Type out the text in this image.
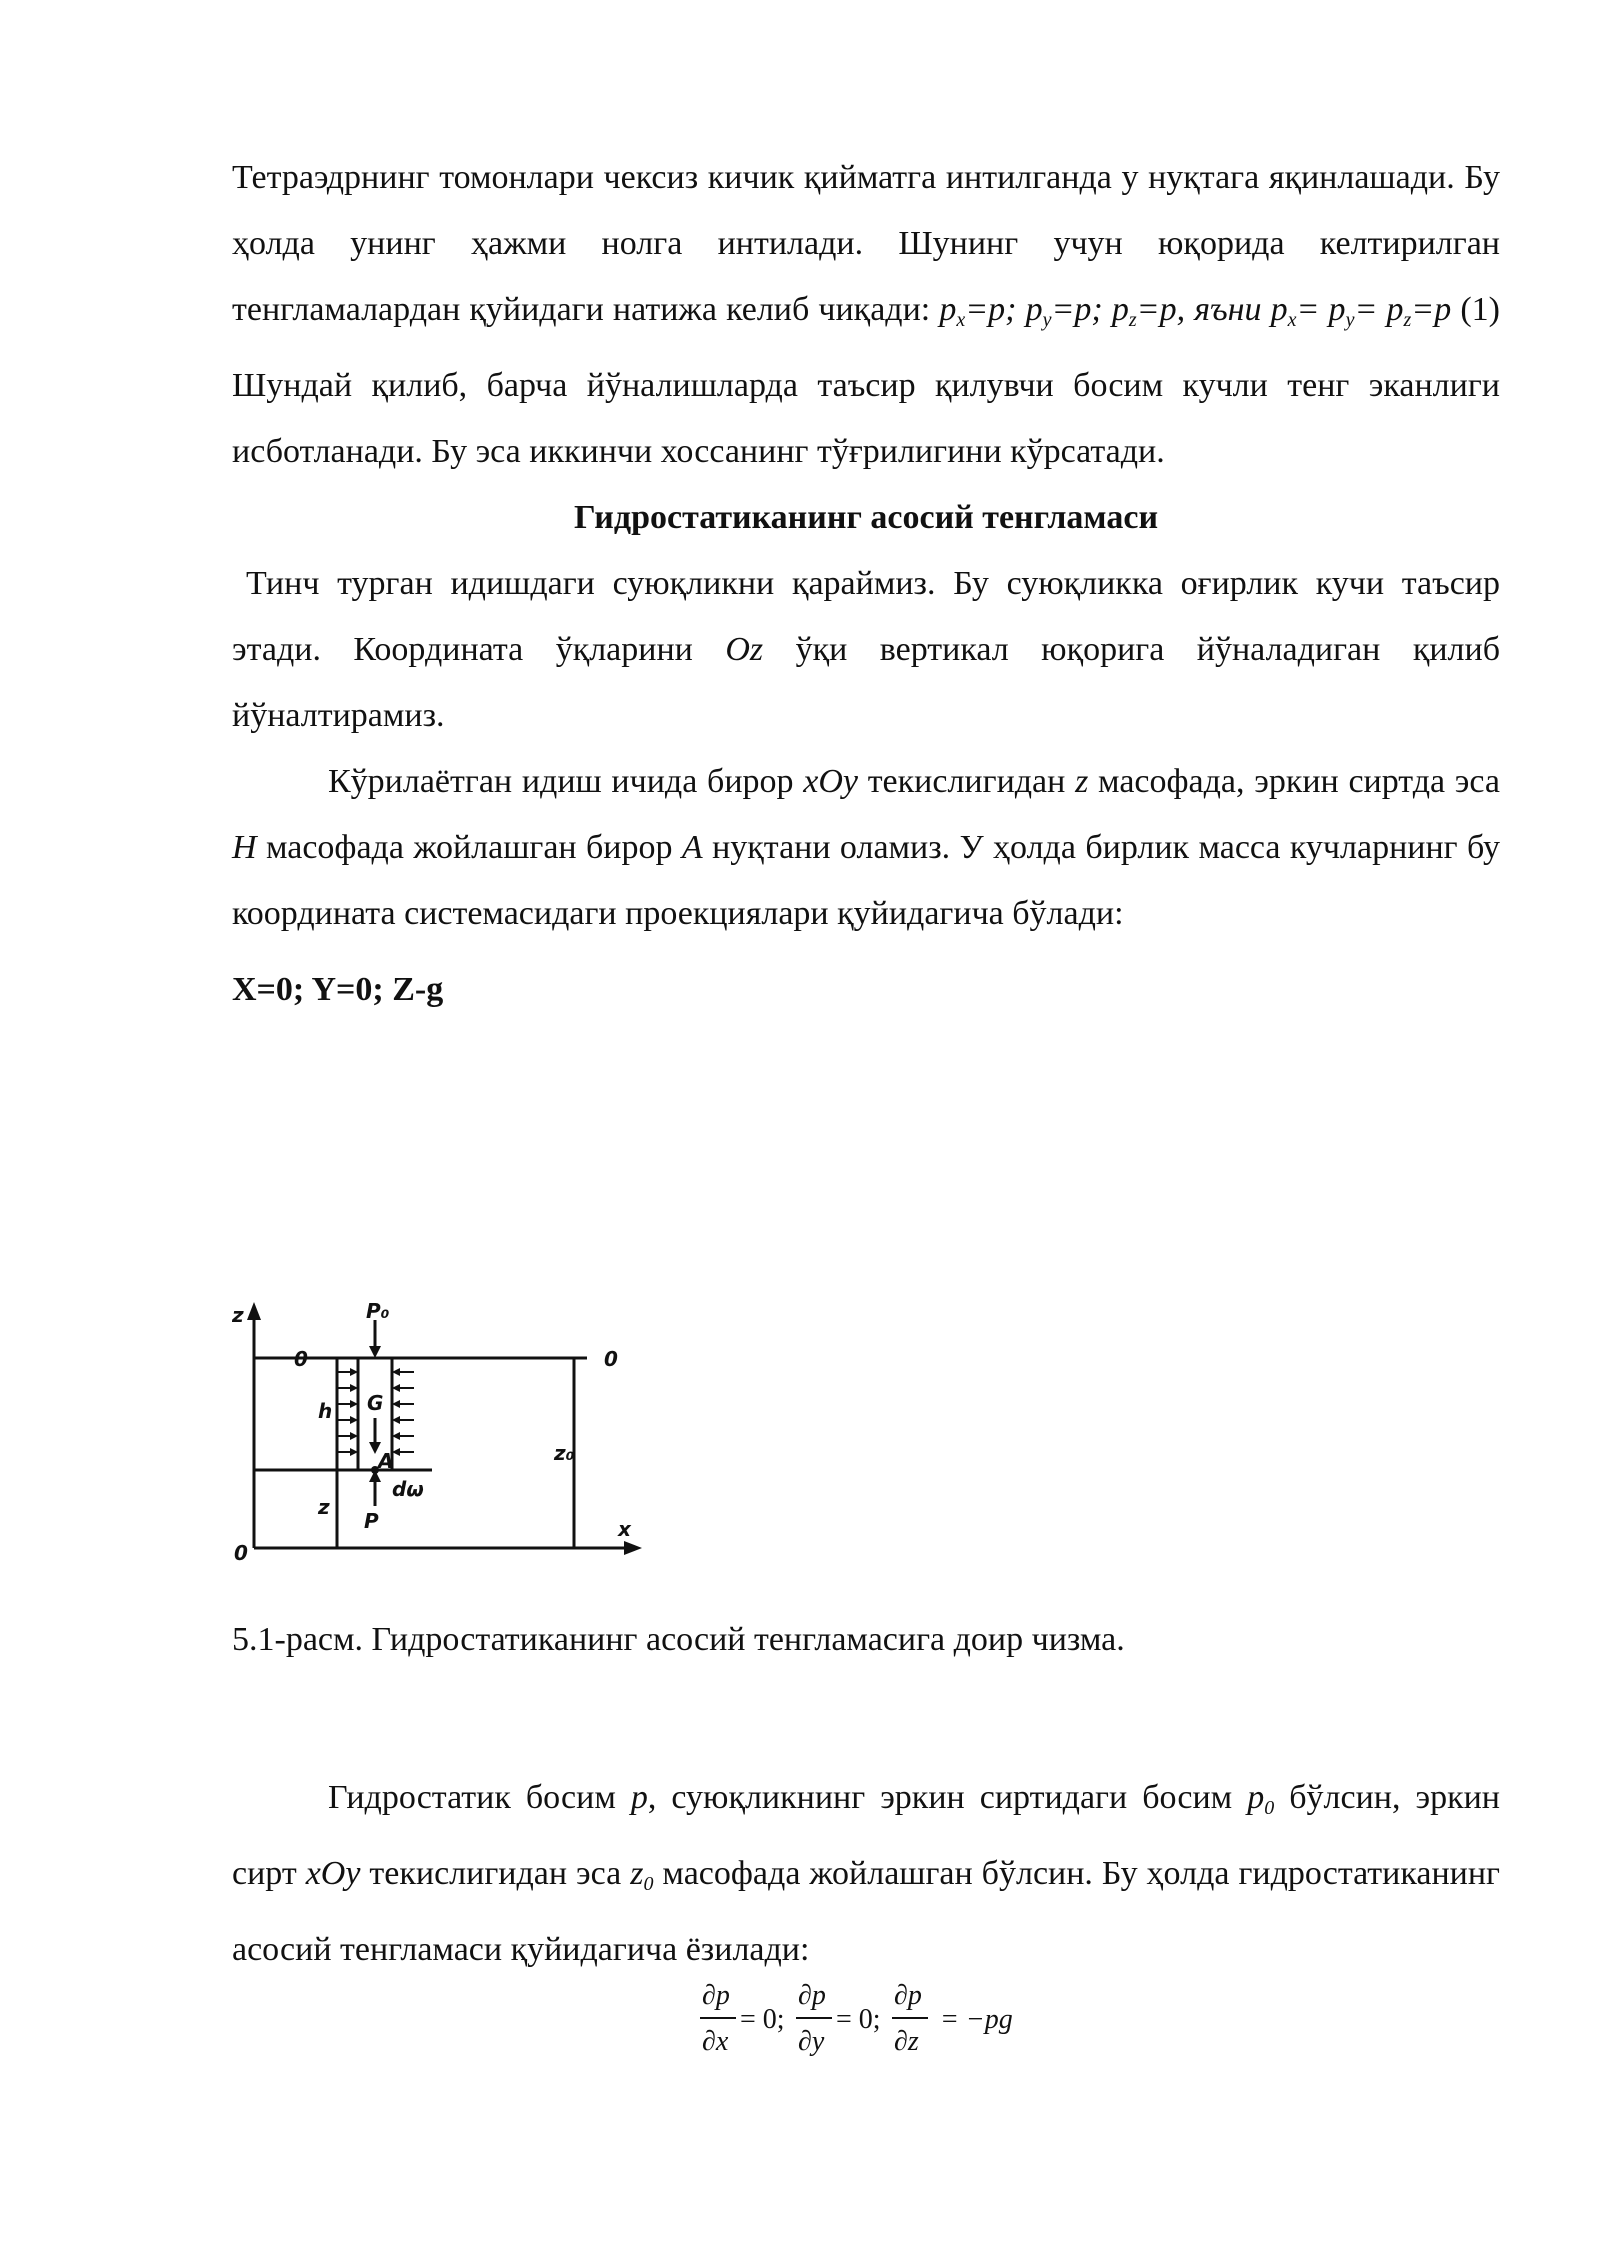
Тетраэдрнинг томонлари чексиз кичик қийматга интилганда у нуқтага яқинлашади. Бу ҳолда унинг ҳажми нолга интилади. Шунинг учун юқорида келтирилган тенгламалардан қуйидаги натижа келиб чиқади: $p_x=p$; $p_y=p$; $p_z=p$, яъни $p_x= p_y= p_z=p$ (1) Шундай қилиб, барча йўналишларда таъсир қилувчи босим кучли тенг эканлиги исботланади. Бу эса иккинчи хоссанинг тўғрилигини кўрсатади.

Гидростатиканинг асосий тенгламаси

Тинч турган идишдаги суюқликни қараймиз. Бу суюқликка оғирлик кучи таъсир этади. Координата ўқларини Oz ўқи вертикал юқорига йўналадиган қилиб йўналтирамиз.

Кўрилаётган идиш ичида бирор xOy текислигидан z масофада, эркин сиртда эса H масофада жойлашган бирор A нуқтани оламиз. У ҳолда бирлик масса кучларнинг бу координата системасидаги проекциялари қуйидагича бўлади:

X=0; Y=0; Z-g

z
x
0
0	0
P₀
h G
A
dω
P
z
z₀
5.1-расм. Гидростатиканинг асосий тенгламасига доир чизма.

Гидростатик босим p, суюқликнинг эркин сиртидаги босим $p_0$ бўлсин, эркин сирт xOy текислигидан эса $z_0$ масофада жойлашган бўлсин. Бу ҳолда гидростатиканинг асосий тенгламаси қуйидагича ёзилади:

∂p
∂x
∂p
∂y
∂p
∂z
= −pg
= 0; = 0;
